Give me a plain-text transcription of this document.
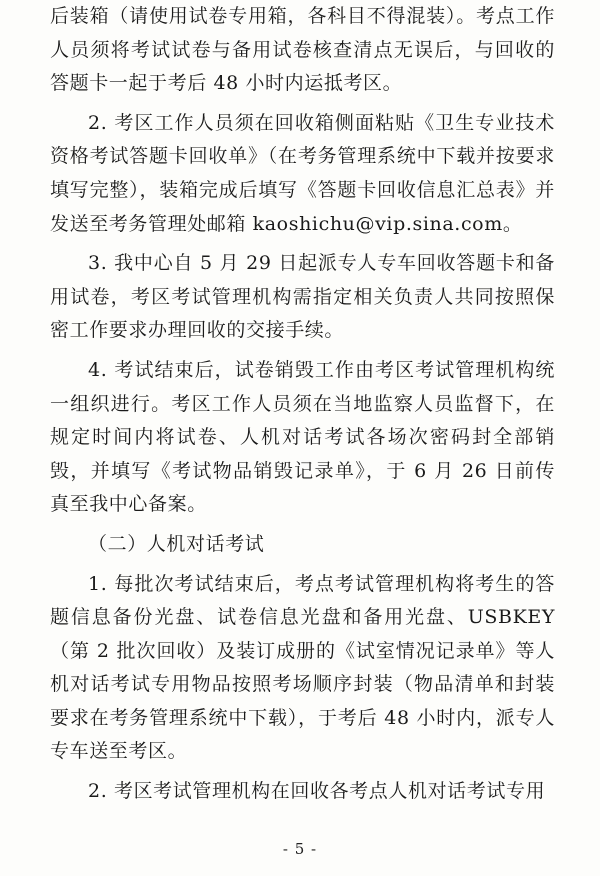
后装箱（请使用试卷专用箱，各科目不得混装）。考点工作人员须将考试试卷与备用试卷核查清点无误后，与回收的答题卡一起于考后 48 小时内运抵考区。

2. 考区工作人员须在回收箱侧面粘贴《卫生专业技术资格考试答题卡回收单》（在考务管理系统中下载并按要求填写完整），装箱完成后填写《答题卡回收信息汇总表》并发送至考务管理处邮箱 kaoshichu@vip.sina.com。

3. 我中心自 5 月 29 日起派专人专车回收答题卡和备用试卷，考区考试管理机构需指定相关负责人共同按照保密工作要求办理回收的交接手续。

4. 考试结束后，试卷销毁工作由考区考试管理机构统一组织进行。考区工作人员须在当地监察人员监督下，在规定时间内将试卷、人机对话考试各场次密码封全部销毁，并填写《考试物品销毁记录单》，于 6 月 26 日前传真至我中心备案。

（二）人机对话考试

1. 每批次考试结束后，考点考试管理机构将考生的答题信息备份光盘、试卷信息光盘和备用光盘、USBKEY（第 2 批次回收）及装订成册的《试室情况记录单》等人机对话考试专用物品按照考场顺序封装（物品清单和封装要求在考务管理系统中下载），于考后 48 小时内，派专人专车送至考区。

2. 考区考试管理机构在回收各考点人机对话考试专用

- 5 -
